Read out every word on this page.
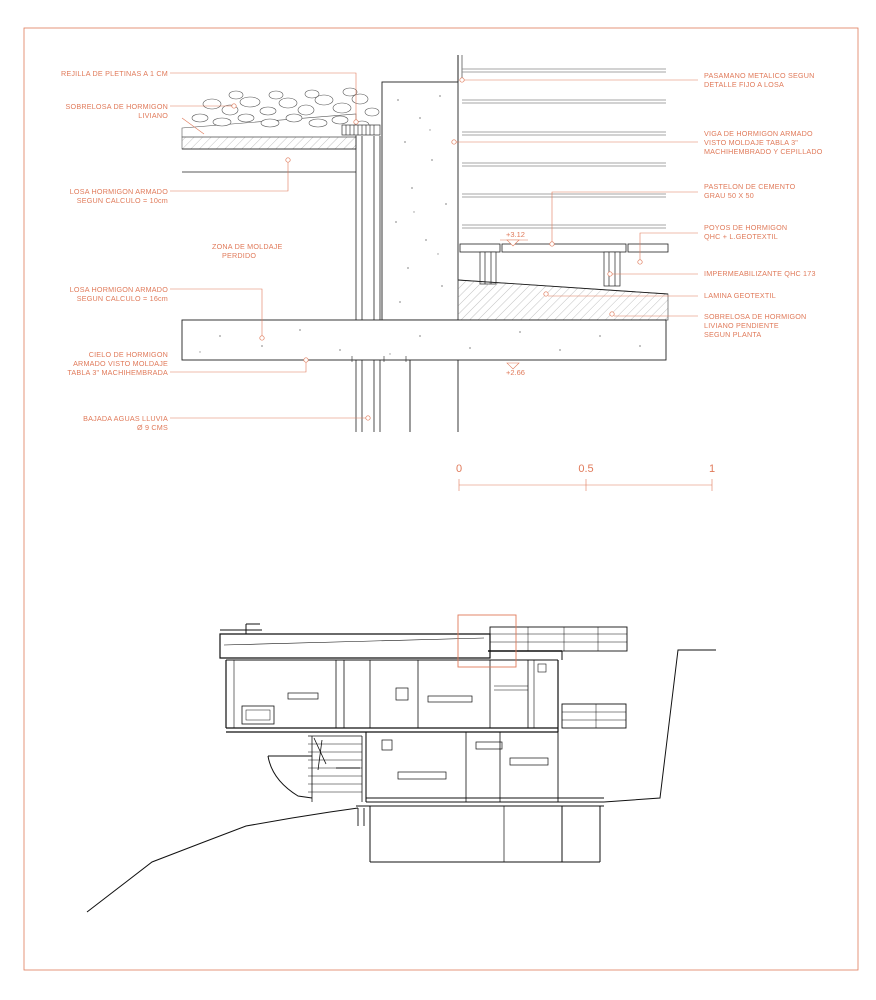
+3.12
+2.66
REJILLA DE PLETINAS A 1 CM
SOBRELOSA DE HORMIGON
LIVIANO
LOSA HORMIGON ARMADO
SEGUN CALCULO = 10cm
ZONA DE MOLDAJE
PERDIDO
LOSA HORMIGON ARMADO
SEGUN CALCULO = 16cm
CIELO DE HORMIGON
ARMADO VISTO MOLDAJE
TABLA 3" MACHIHEMBRADA
BAJADA AGUAS LLUVIA
Ø 9 CMS
PASAMANO METALICO SEGUN
DETALLE FIJO A LOSA
VIGA DE HORMIGON ARMADO
VISTO MOLDAJE TABLA 3"
MACHIHEMBRADO Y CEPILLADO
PASTELON DE CEMENTO
GRAU 50 X 50
POYOS DE HORMIGON
QHC + L.GEOTEXTIL
IMPERMEABILIZANTE QHC 173
LAMINA GEOTEXTIL
SOBRELOSA DE HORMIGON
LIVIANO PENDIENTE
SEGUN PLANTA
0	0.5	1
